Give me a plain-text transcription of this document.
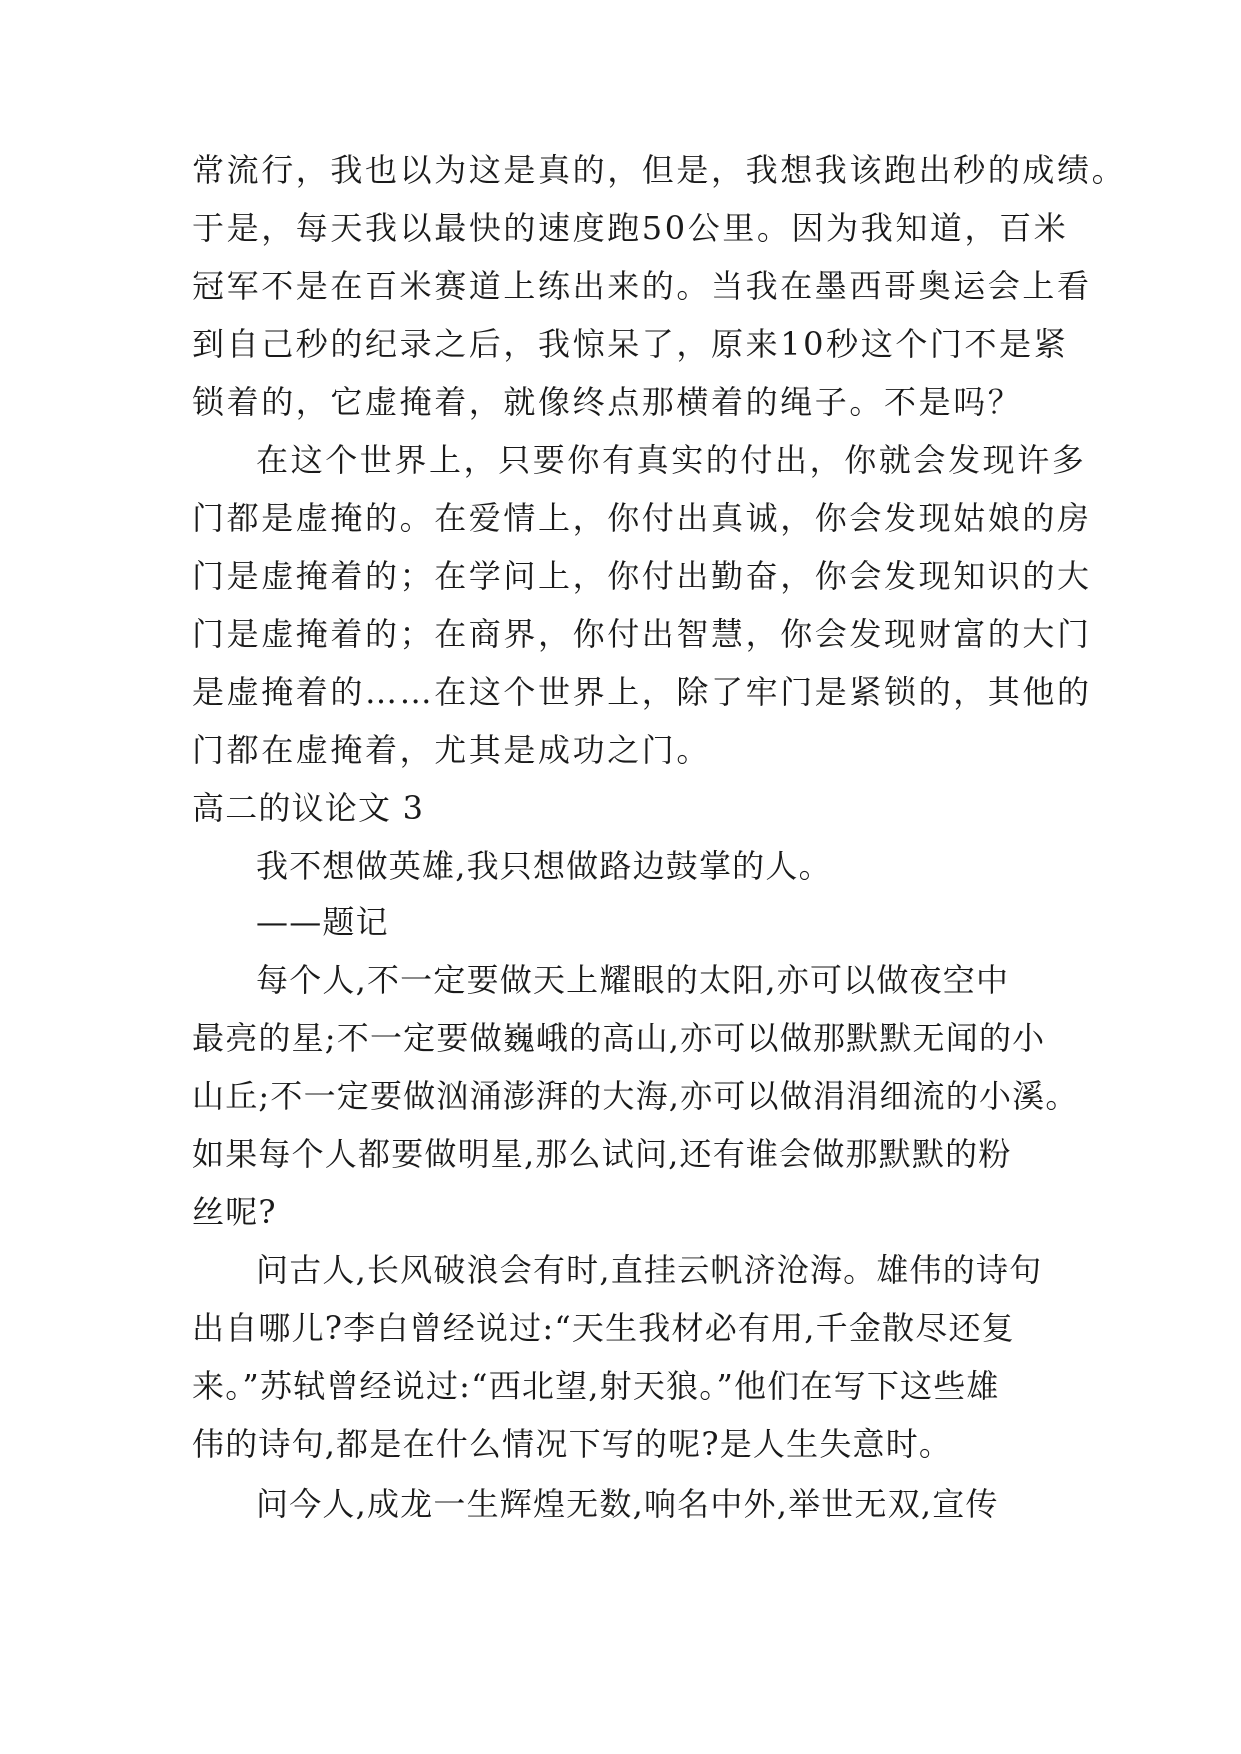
常流行，我也以为这是真的，但是，我想我该跑出秒的成绩。
于是，每天我以最快的速度跑50公里。因为我知道，百米
冠军不是在百米赛道上练出来的。当我在墨西哥奥运会上看
到自己秒的纪录之后，我惊呆了，原来10秒这个门不是紧
锁着的，它虚掩着，就像终点那横着的绳子。不是吗？
在这个世界上，只要你有真实的付出，你就会发现许多
门都是虚掩的。在爱情上，你付出真诚，你会发现姑娘的房
门是虚掩着的；在学问上，你付出勤奋，你会发现知识的大
门是虚掩着的；在商界，你付出智慧，你会发现财富的大门
是虚掩着的……在这个世界上，除了牢门是紧锁的，其他的
门都在虚掩着，尤其是成功之门。
高二的议论文 3
我不想做英雄,我只想做路边鼓掌的人。
——题记
每个人,不一定要做天上耀眼的太阳,亦可以做夜空中
最亮的星;不一定要做巍峨的高山,亦可以做那默默无闻的小
山丘;不一定要做汹涌澎湃的大海,亦可以做涓涓细流的小溪。
如果每个人都要做明星,那么试问,还有谁会做那默默的粉
丝呢?
问古人,长风破浪会有时,直挂云帆济沧海。雄伟的诗句
出自哪儿?李白曾经说过:“天生我材必有用,千金散尽还复
来。”苏轼曾经说过:“西北望,射天狼。”他们在写下这些雄
伟的诗句,都是在什么情况下写的呢?是人生失意时。
问今人,成龙一生辉煌无数,响名中外,举世无双,宣传
